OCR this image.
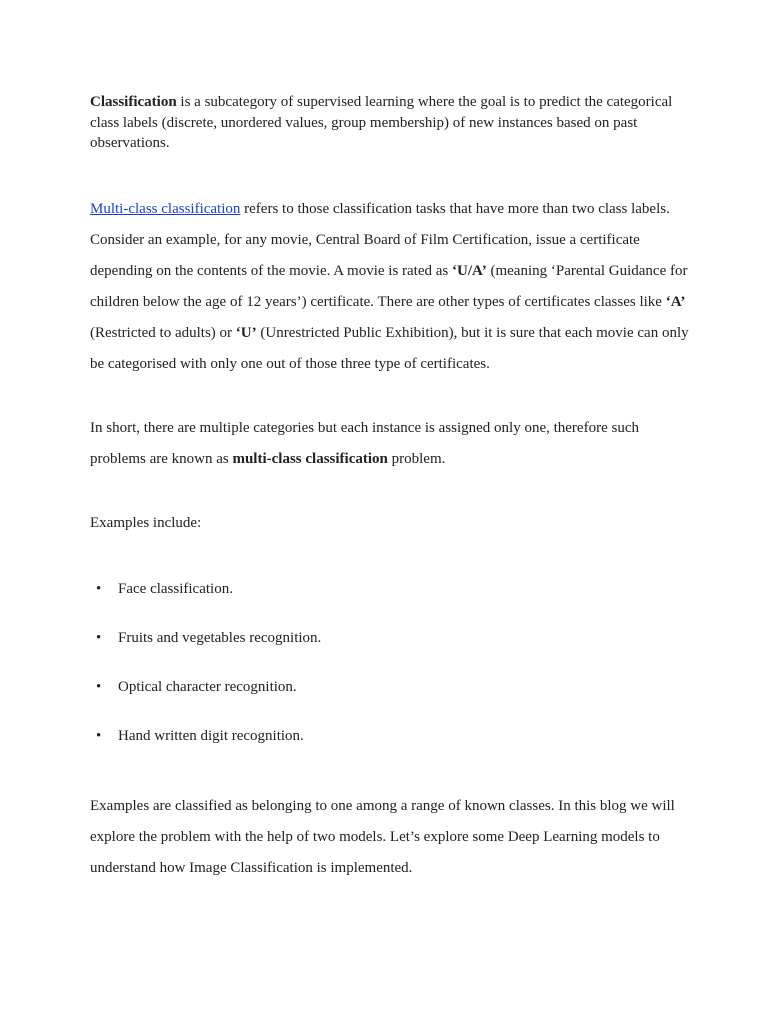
Classification is a subcategory of supervised learning where the goal is to predict the categorical class labels (discrete, unordered values, group membership) of new instances based on past observations.

Multi-class classification refers to those classification tasks that have more than two class labels. Consider an example, for any movie, Central Board of Film Certification, issue a certificate depending on the contents of the movie. A movie is rated as ‘U/A’ (meaning ‘Parental Guidance for children below the age of 12 years’) certificate. There are other types of certificates classes like ‘A’ (Restricted to adults) or ‘U’ (Unrestricted Public Exhibition), but it is sure that each movie can only be categorised with only one out of those three type of certificates.

In short, there are multiple categories but each instance is assigned only one, therefore such problems are known as multi-class classification problem.

Examples include:

• Face classification.
• Fruits and vegetables recognition.
• Optical character recognition.
• Hand written digit recognition.

Examples are classified as belonging to one among a range of known classes. In this blog we will explore the problem with the help of two models. Let’s explore some Deep Learning models to understand how Image Classification is implemented.
